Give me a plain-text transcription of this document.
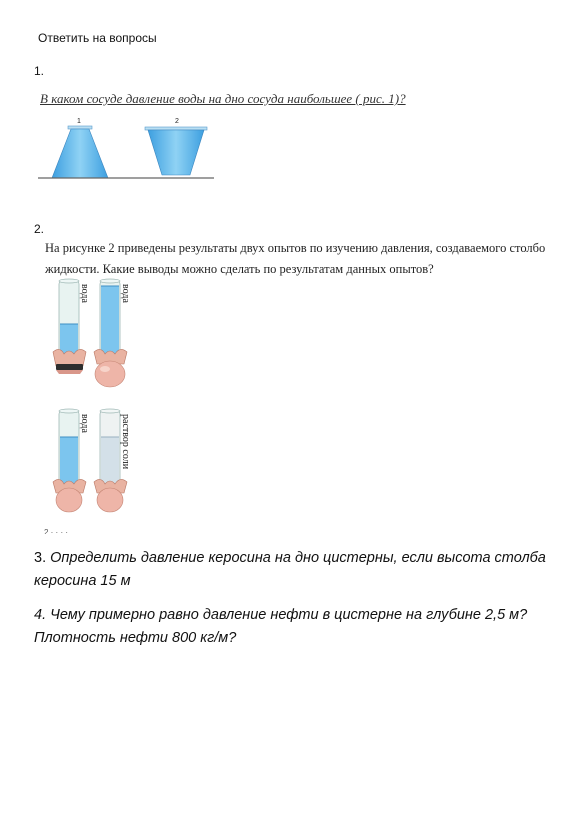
Ответить на вопросы
1.
В каком сосуде давление воды на дно сосуда наибольшее ( рис. 1)?
1	2
2.
На рисунке 2 приведены результаты двух опытов по изучению давления, создаваемого столбо
жидкости. Какие выводы можно сделать по результатам данных опытов?
вода	вода
вода	раствор соли
2 · · · ·
3. Определить давление керосина на дно цистерны, если высота столба керосина 15 м
4. Чему примерно равно давление нефти в цистерне на глубине 2,5 м? Плотность нефти 800 кг/м?
